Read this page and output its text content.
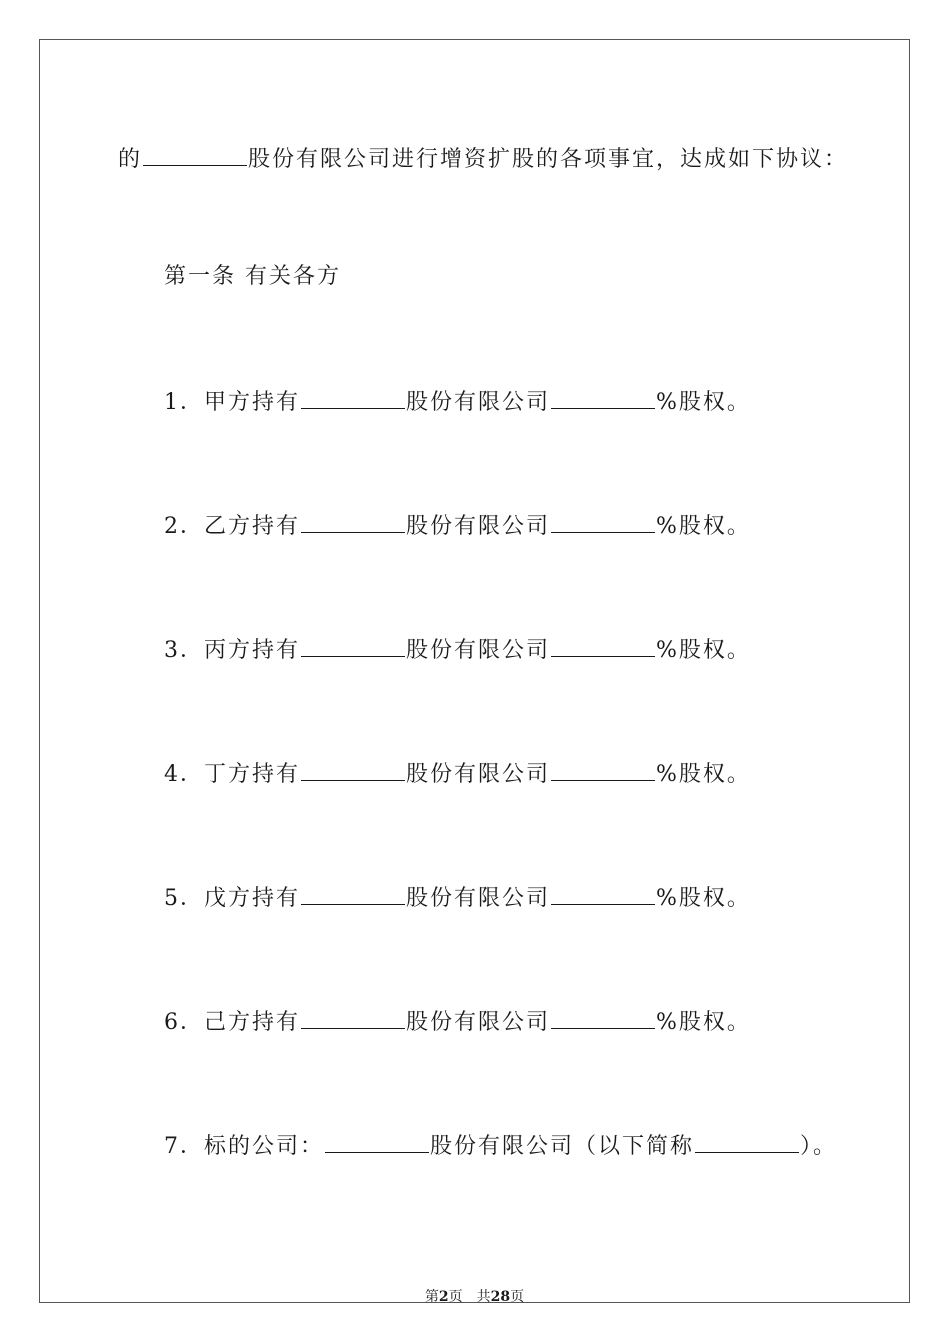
的	股份有限公司进行增资扩股的各项事宜，达成如下协议：
第一条 有关各方
1．甲方持有	股份有限公司	%股权。
2．乙方持有	股份有限公司	%股权。
3．丙方持有	股份有限公司	%股权。
4．丁方持有	股份有限公司	%股权。
5．戊方持有	股份有限公司	%股权。
6．己方持有	股份有限公司	%股权。
7．标的公司：	股份有限公司（以下简称	）。
第2页　共28页
